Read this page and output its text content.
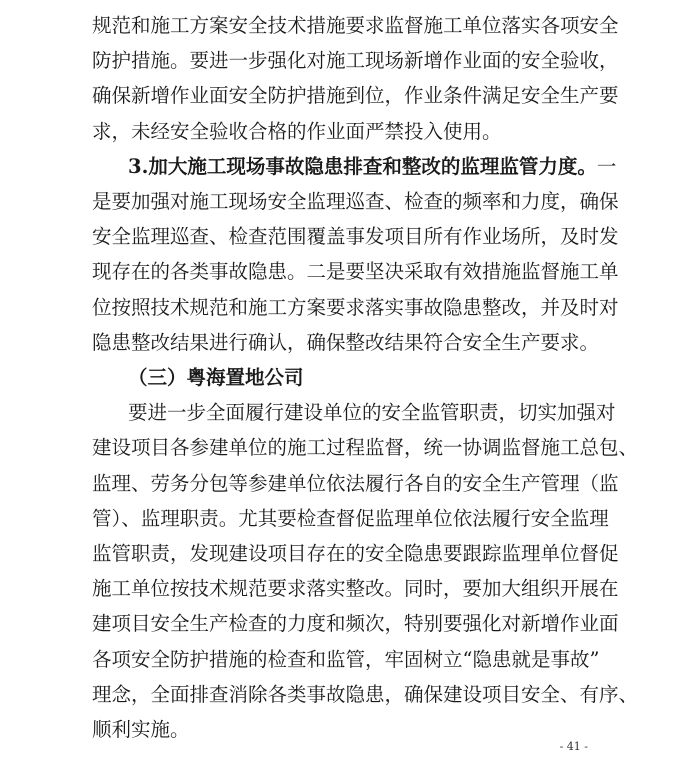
规范和施工方案安全技术措施要求监督施工单位落实各项安全
防护措施。要进一步强化对施工现场新增作业面的安全验收，
确保新增作业面安全防护措施到位，作业条件满足安全生产要
求，未经安全验收合格的作业面严禁投入使用。
3.加大施工现场事故隐患排查和整改的监理监管力度。一
是要加强对施工现场安全监理巡查、检查的频率和力度，确保
安全监理巡查、检查范围覆盖事发项目所有作业场所，及时发
现存在的各类事故隐患。二是要坚决采取有效措施监督施工单
位按照技术规范和施工方案要求落实事故隐患整改，并及时对
隐患整改结果进行确认，确保整改结果符合安全生产要求。
（三）粤海置地公司
要进一步全面履行建设单位的安全监管职责，切实加强对
建设项目各参建单位的施工过程监督，统一协调监督施工总包、
监理、劳务分包等参建单位依法履行各自的安全生产管理（监
管）、监理职责。尤其要检查督促监理单位依法履行安全监理
监管职责，发现建设项目存在的安全隐患要跟踪监理单位督促
施工单位按技术规范要求落实整改。同时，要加大组织开展在
建项目安全生产检查的力度和频次，特别要强化对新增作业面
各项安全防护措施的检查和监管，牢固树立“隐患就是事故”
理念，全面排查消除各类事故隐患，确保建设项目安全、有序、
- 41 -
顺利实施。
